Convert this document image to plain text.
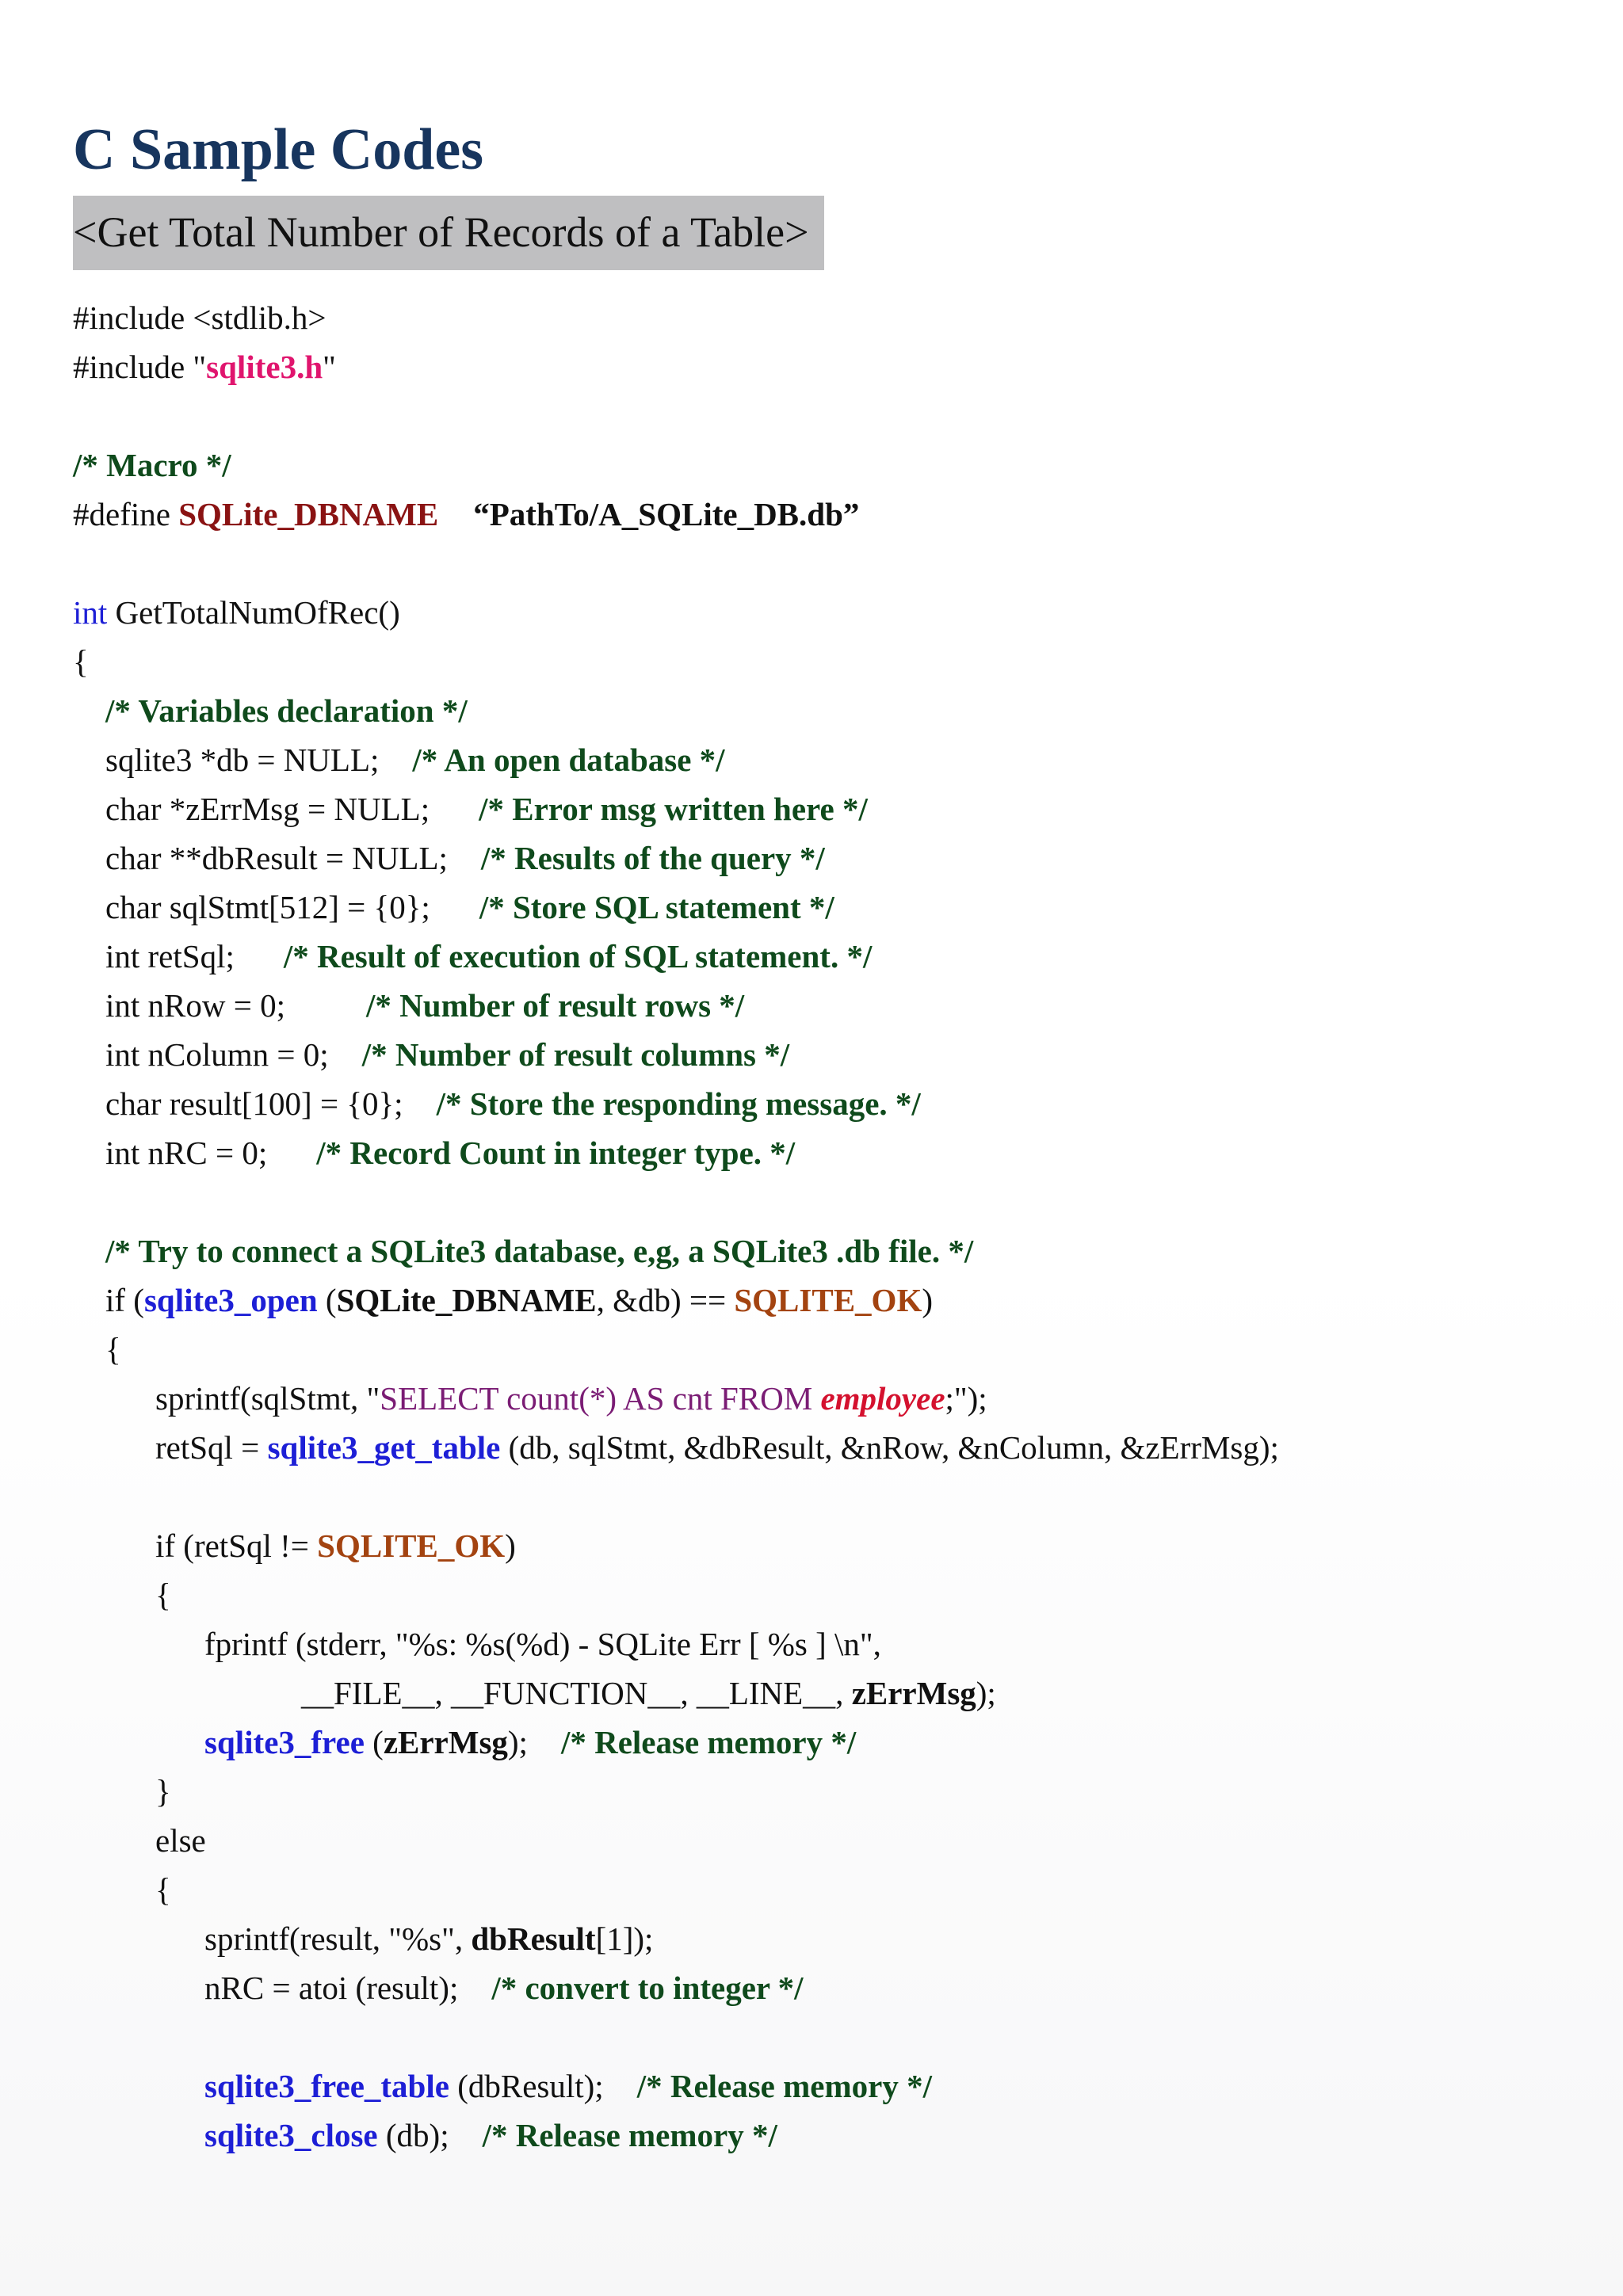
C Sample Codes
<Get Total Number of Records of a Table>
#include <stdlib.h>
#include "sqlite3.h"
/* Macro */
#define SQLite_DBNAME “PathTo/A_SQLite_DB.db”
int GetTotalNumOfRec()
{
/* Variables declaration */
sqlite3 *db = NULL; /* An open database */
char *zErrMsg = NULL; /* Error msg written here */
char **dbResult = NULL; /* Results of the query */
char sqlStmt[512] = {0}; /* Store SQL statement */
int retSql; /* Result of execution of SQL statement. */
int nRow = 0; /* Number of result rows */
int nColumn = 0; /* Number of result columns */
char result[100] = {0}; /* Store the responding message. */
int nRC = 0; /* Record Count in integer type. */
/* Try to connect a SQLite3 database, e,g, a SQLite3 .db file. */
if (sqlite3_open (SQLite_DBNAME, &db) == SQLITE_OK)
{
sprintf(sqlStmt, "SELECT count(*) AS cnt FROM employee;");
retSql = sqlite3_get_table (db, sqlStmt, &dbResult, &nRow, &nColumn, &zErrMsg);
if (retSql != SQLITE_OK)
{
fprintf (stderr, "%s: %s(%d) - SQLite Err [ %s ] \n",
__FILE__, __FUNCTION__, __LINE__, zErrMsg);
sqlite3_free (zErrMsg); /* Release memory */
}
else
{
sprintf(result, "%s", dbResult[1]);
nRC = atoi (result); /* convert to integer */
sqlite3_free_table (dbResult); /* Release memory */
sqlite3_close (db); /* Release memory */
